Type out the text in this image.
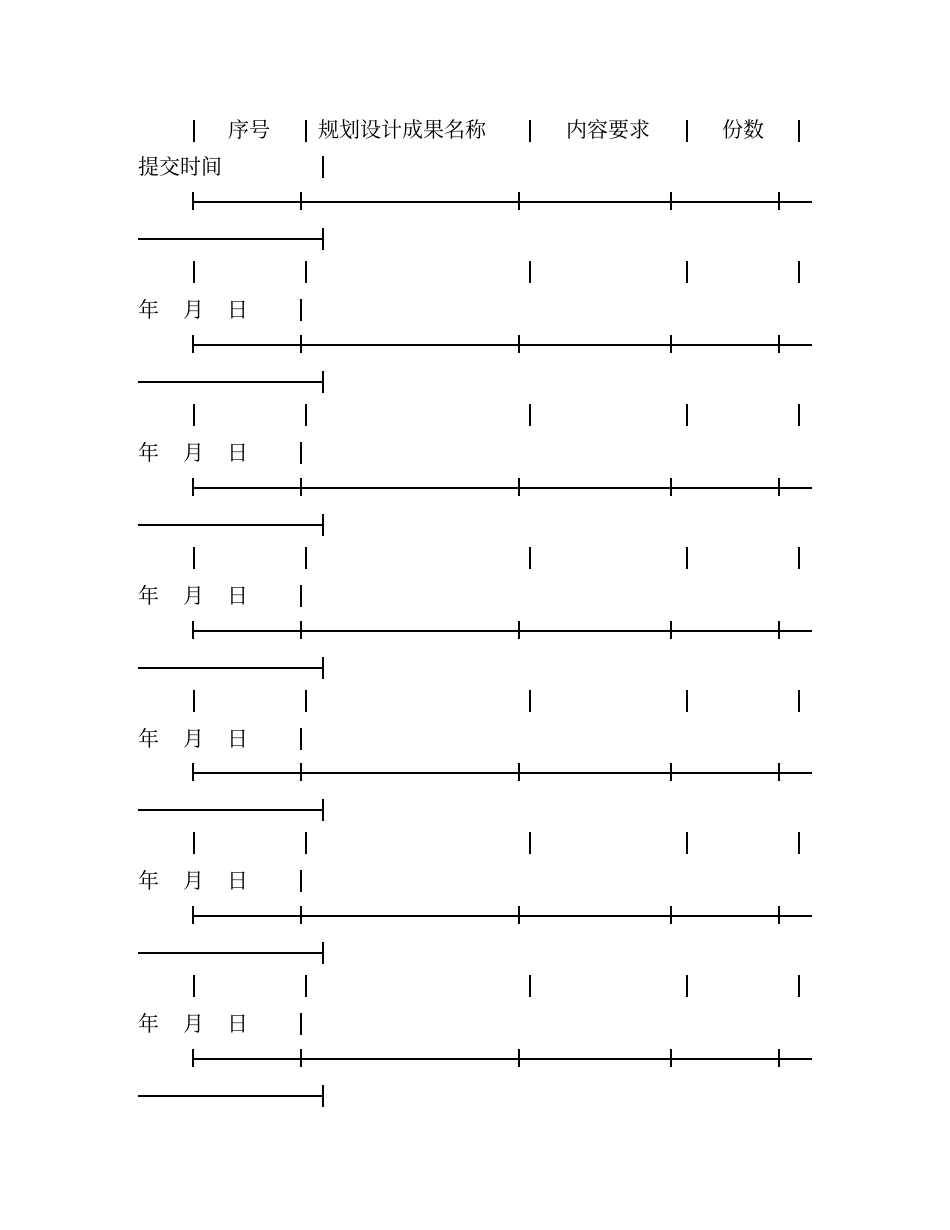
序号 规划设计成果名称	内容要求	份数
提交时间
年 月 日
年 月 日
年 月 日
年 月 日
年 月 日
年 月 日
